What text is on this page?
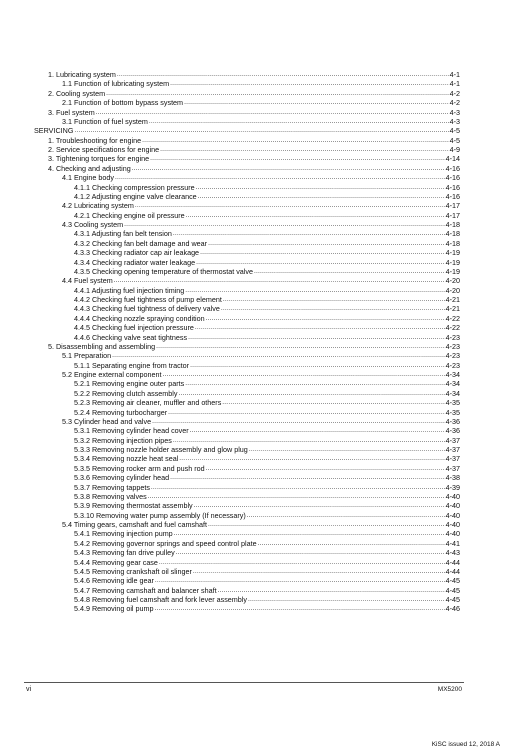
1. Lubricating system .....	4-1
1.1 Function of lubricating system .....	4-1
2. Cooling system .....	4-2
2.1 Function of bottom bypass system .....	4-2
3. Fuel system .....	4-3
3.1 Function of fuel system .....	4-3
SERVICING .....	4-5
1. Troubleshooting for engine .....	4-5
2. Service specifications for engine .....	4-9
3. Tightening torques for engine .....	4-14
4. Checking and adjusting .....	4-16
4.1 Engine body .....	4-16
4.1.1 Checking compression pressure .....	4-16
4.1.2 Adjusting engine valve clearance .....	4-16
4.2 Lubricating system .....	4-17
4.2.1 Checking engine oil pressure .....	4-17
4.3 Cooling system .....	4-18
4.3.1 Adjusting fan belt tension .....	4-18
4.3.2 Checking fan belt damage and wear .....	4-18
4.3.3 Checking radiator cap air leakage .....	4-19
4.3.4 Checking radiator water leakage .....	4-19
4.3.5 Checking opening temperature of thermostat valve .....	4-19
4.4 Fuel system .....	4-20
4.4.1 Adjusting fuel injection timing .....	4-20
4.4.2 Checking fuel tightness of pump element .....	4-21
4.4.3 Checking fuel tightness of delivery valve .....	4-21
4.4.4 Checking nozzle spraying condition .....	4-22
4.4.5 Checking fuel injection pressure .....	4-22
4.4.6 Checking valve seat tightness .....	4-23
5. Disassembling and assembling .....	4-23
5.1 Preparation .....	4-23
5.1.1 Separating engine from tractor .....	4-23
5.2 Engine external component .....	4-34
5.2.1 Removing engine outer parts .....	4-34
5.2.2 Removing clutch assembly .....	4-34
5.2.3 Removing air cleaner, muffler and others .....	4-35
5.2.4 Removing turbocharger .....	4-35
5.3 Cylinder head and valve .....	4-36
5.3.1 Removing cylinder head cover .....	4-36
5.3.2 Removing injection pipes .....	4-37
5.3.3 Removing nozzle holder assembly and glow plug .....	4-37
5.3.4 Removing nozzle heat seal .....	4-37
5.3.5 Removing rocker arm and push rod .....	4-37
5.3.6 Removing cylinder head .....	4-38
5.3.7 Removing tappets .....	4-39
5.3.8 Removing valves .....	4-40
5.3.9 Removing thermostat assembly .....	4-40
5.3.10 Removing water pump assembly (If necessary) .....	4-40
5.4 Timing gears, camshaft and fuel camshaft .....	4-40
5.4.1 Removing injection pump .....	4-40
5.4.2 Removing governor springs and speed control plate .....	4-41
5.4.3 Removing fan drive pulley .....	4-43
5.4.4 Removing gear case .....	4-44
5.4.5 Removing crankshaft oil slinger .....	4-44
5.4.6 Removing idle gear .....	4-45
5.4.7 Removing camshaft and balancer shaft .....	4-45
5.4.8 Removing fuel camshaft and fork lever assembly .....	4-45
5.4.9 Removing oil pump .....	4-46
vi	MX5200
KiSC issued 12, 2018 A
